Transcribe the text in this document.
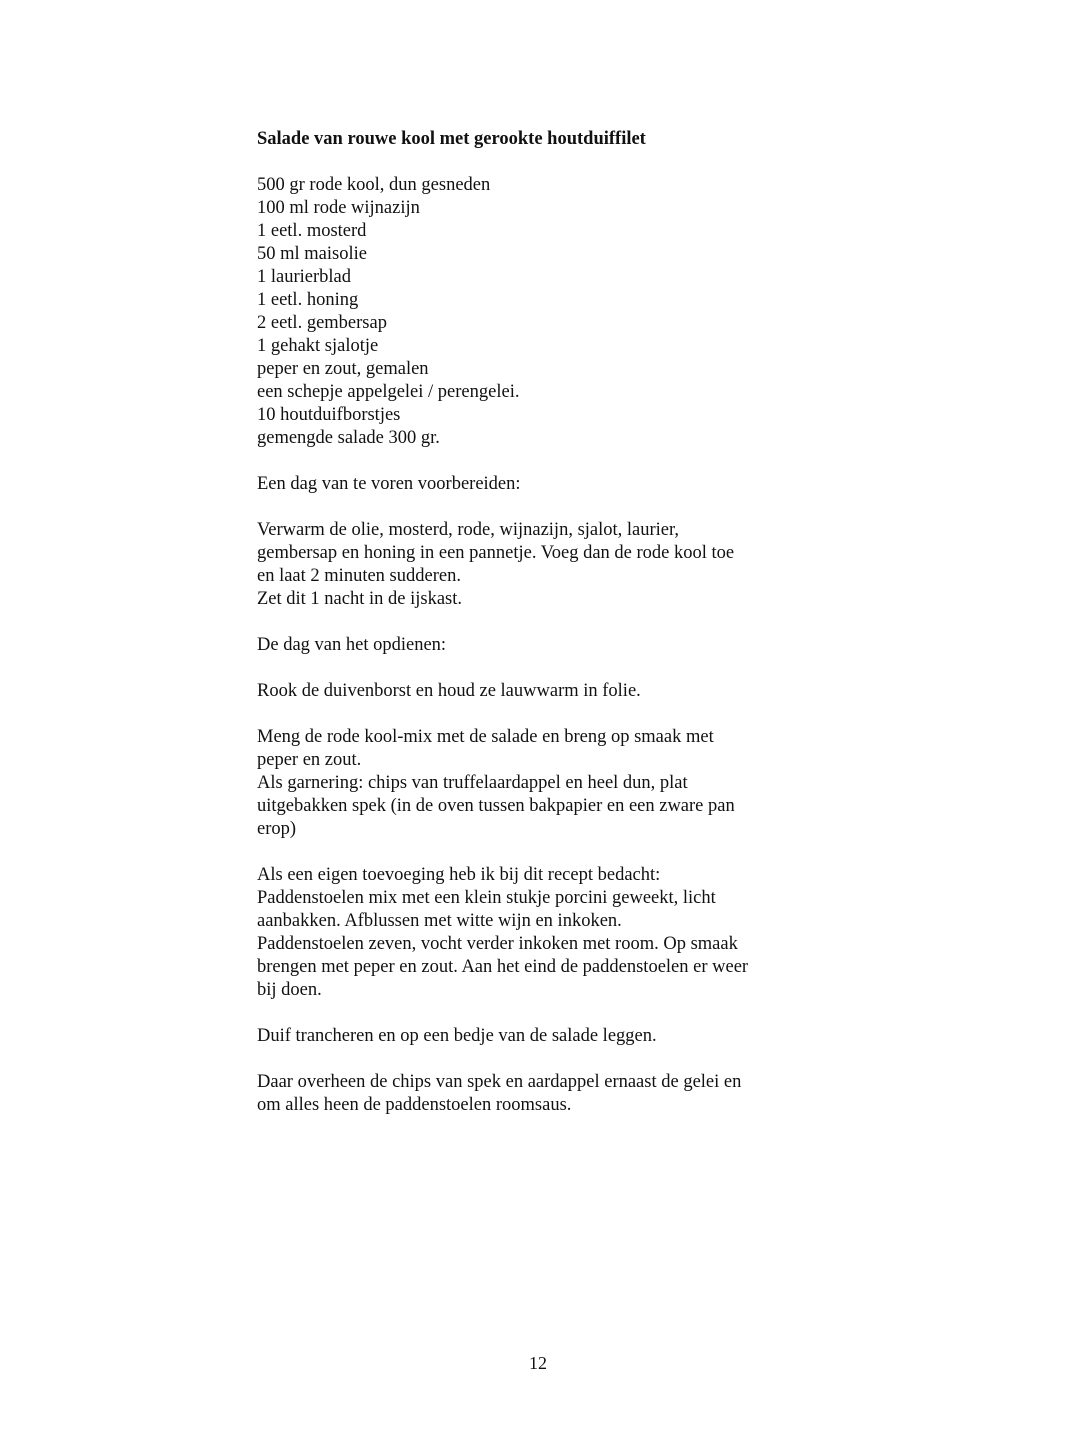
Salade van rouwe kool met gerookte houtduiffilet
500 gr rode kool, dun gesneden
100 ml rode wijnazijn
1 eetl. mosterd
50 ml maisolie
1 laurierblad
1 eetl. honing
2 eetl. gembersap
1 gehakt sjalotje
peper en zout, gemalen
een schepje appelgelei / perengelei.
10 houtduifborstjes
gemengde salade 300 gr.
Een dag van te voren voorbereiden:
Verwarm de olie, mosterd, rode, wijnazijn, sjalot, laurier,
gembersap en honing in een pannetje. Voeg dan de rode kool toe
en laat 2 minuten sudderen.
Zet dit 1 nacht in de ijskast.
De dag van het opdienen:
Rook de duivenborst en houd ze lauwwarm in folie.
Meng de rode kool-mix met de salade en breng op smaak met
peper en zout.
Als garnering: chips van truffelaardappel en heel dun, plat
uitgebakken spek (in de oven tussen bakpapier en een zware pan
erop)
Als een eigen toevoeging heb ik bij dit recept bedacht:
Paddenstoelen mix met een klein stukje porcini geweekt, licht
aanbakken. Afblussen met witte wijn en inkoken.
Paddenstoelen zeven, vocht verder inkoken met room. Op smaak
brengen met peper en zout. Aan het eind de paddenstoelen er weer
bij doen.
Duif trancheren en op een bedje van de salade leggen.
Daar overheen de chips van spek en aardappel ernaast de gelei en
om alles heen de paddenstoelen roomsaus.
12
